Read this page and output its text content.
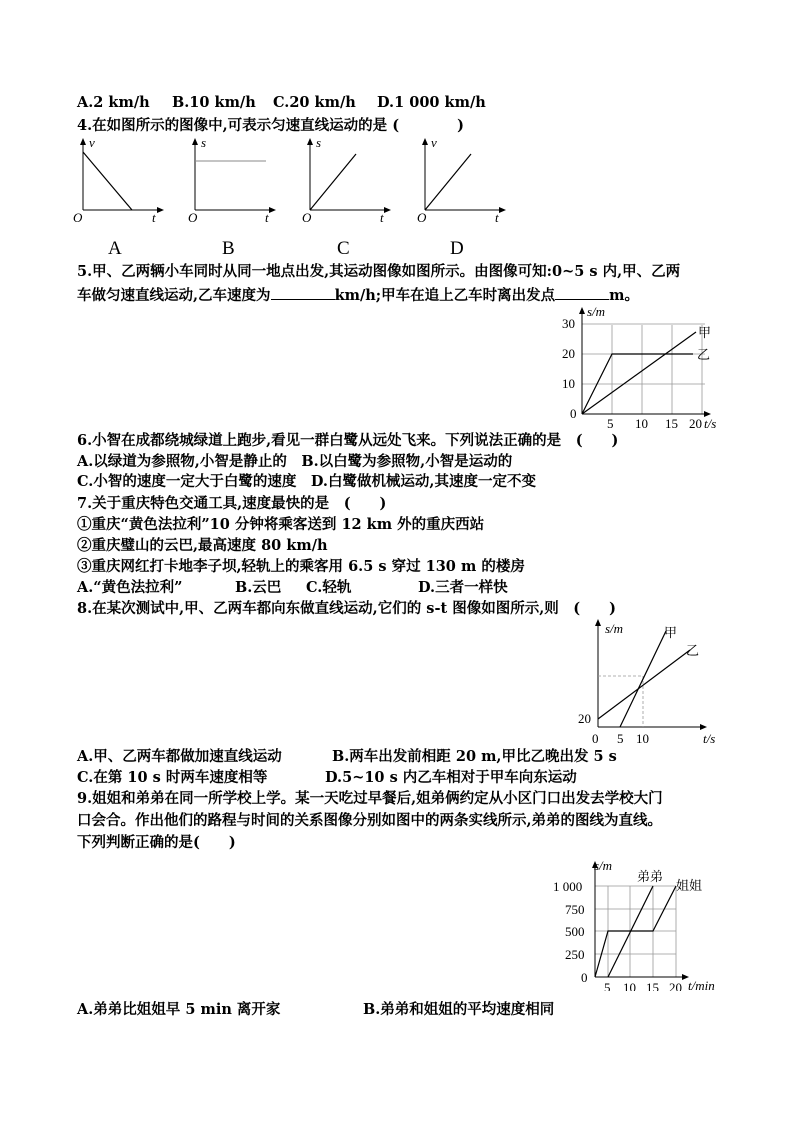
A.2 km/h B.10 km/h C.20 km/h D.1 000 km/h
4.在如图所示的图像中,可表示匀速直线运动的是 (　　　　)
v
t
O
A
s
t
O
B
s
t
O
C
v
t
O
D
5.甲、乙两辆小车同时从同一地点出发,其运动图像如图所示。由图像可知:0~5 s 内,甲、乙两
车做匀速直线运动,乙车速度为	km/h;甲车在追上乙车时离出发点	m。
s/m
30
20
10
0
5 10 15 20 t/s
甲
乙
6.小智在成都绕城绿道上跑步,看见一群白鹭从远处飞来。下列说法正确的是　 (　　)
A.以绿道为参照物,小智是静止的　B.以白鹭为参照物,小智是运动的
C.小智的速度一定大于白鹭的速度　D.白鹭做机械运动,其速度一定不变
7.关于重庆特色交通工具,速度最快的是　 (　　)
①重庆“黄色法拉利”10 分钟将乘客送到 12 km 外的重庆西站
②重庆璧山的云巴,最高速度 80 km/h
③重庆网红打卡地李子坝,轻轨上的乘客用 6.5 s 穿过 130 m 的楼房
A.“黄色法拉利”	B.云巴 C.轻轨	D.三者一样快
8.在某次测试中,甲、乙两车都向东做直线运动,它们的 s-t 图像如图所示,则　 (　　)
s/m
20
0 5 10	t/s
甲
乙
A.甲、乙两车都做加速直线运动	B.两车出发前相距 20 m,甲比乙晚出发 5 s
C.在第 10 s 时两车速度相等	D.5~10 s 内乙车相对于甲车向东运动
9.姐姐和弟弟在同一所学校上学。某一天吃过早餐后,姐弟俩约定从小区门口出发去学校大门
口会合。作出他们的路程与时间的关系图像分别如图中的两条实线所示,弟弟的图线为直线。
下列判断正确的是(　　)
s/m
1 000
750
500
250
0
5 10 15 20 t/min
弟弟
姐姐
A.弟弟比姐姐早 5 min 离开家	B.弟弟和姐姐的平均速度相同
